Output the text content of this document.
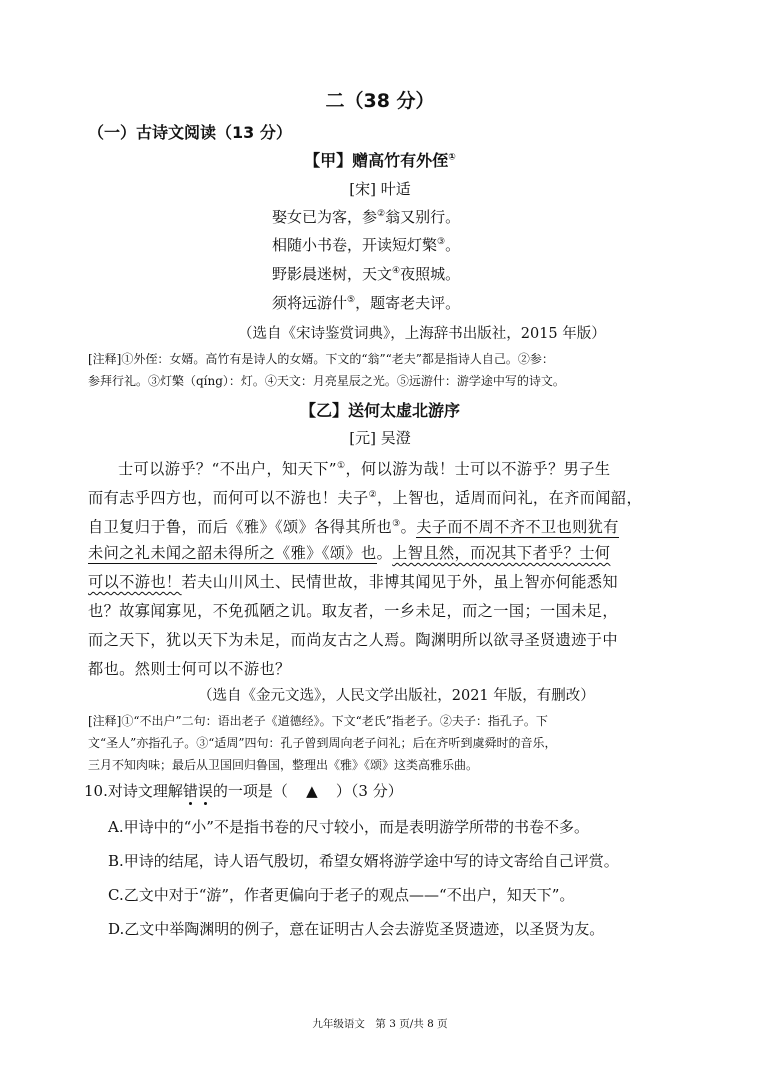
二（38 分）
（一）古诗文阅读（13 分）
【甲】赠高竹有外侄①
[宋] 叶适
娶女已为客，参②翁又别行。
相随小书卷，开读短灯檠③。
野影晨迷树，天文④夜照城。
须将远游什⑤，题寄老夫评。
（选自《宋诗鉴赏词典》，上海辞书出版社，2015 年版）
[注释]①外侄：女婿。高竹有是诗人的女婿。下文的“翁”“老夫”都是指诗人自己。②参：
参拜行礼。③灯檠（qíng）：灯。④天文：月亮星辰之光。⑤远游什：游学途中写的诗文。
【乙】送何太虚北游序
[元] 吴澄
士可以游乎？“不出户，知天下”①，何以游为哉！士可以不游乎？男子生
而有志乎四方也，而何可以不游也！夫子②，上智也，适周而问礼，在齐而闻韶，
自卫复归于鲁，而后《雅》《颂》各得其所也③。夫子而不周不齐不卫也则犹有
未问之礼未闻之韶未得所之《雅》《颂》也。上智且然，而况其下者乎？士何
可以不游也！若夫山川风土、民情世故，非博其闻见于外，虽上智亦何能悉知
也？故寡闻寡见，不免孤陋之讥。取友者，一乡未足，而之一国；一国未足，
而之天下，犹以天下为未足，而尚友古之人焉。陶渊明所以欲寻圣贤遗迹于中
都也。然则士何可以不游也？
（选自《金元文选》，人民文学出版社，2021 年版，有删改）
[注释]①“不出户”二句：语出老子《道德经》。下文“老氏”指老子。②夫子：指孔子。下
文“圣人”亦指孔子。③“适周”四句：孔子曾到周向老子问礼；后在齐听到虞舜时的音乐，
三月不知肉味；最后从卫国回归鲁国，整理出《雅》《颂》这类高雅乐曲。
10.对诗文理解错误的一项是（ ▲ ）（3 分）
A.甲诗中的“小”不是指书卷的尺寸较小，而是表明游学所带的书卷不多。
B.甲诗的结尾，诗人语气殷切，希望女婿将游学途中写的诗文寄给自己评赏。
C.乙文中对于“游”，作者更偏向于老子的观点——“不出户，知天下”。
D.乙文中举陶渊明的例子，意在证明古人会去游览圣贤遗迹，以圣贤为友。
九年级语文　第 3 页/共 8 页
